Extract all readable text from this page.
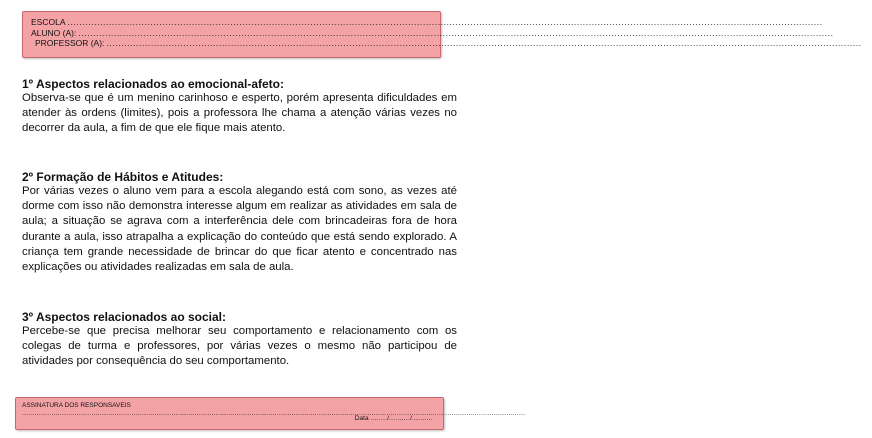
ESCOLA ...............................................................................................................................................................................................................................................................
ALUNO (A): ...............................................................................................................................................................................................................................................................
PROFESSOR (A): ...............................................................................................................................................................................................................................................................

1º Aspectos relacionados ao emocional-afeto:

Observa-se que é um menino carinhoso e esperto, porém apresenta dificuldades em atender às ordens (limites), pois a professora lhe chama a atenção várias vezes no decorrer da aula, a fim de que ele fique mais atento.

2º Formação de Hábitos e Atitudes:

Por várias vezes o aluno vem para a escola alegando está com sono, as vezes até dorme com isso não demonstra interesse algum em realizar as atividades em sala de aula; a situação se agrava com a interferência dele com brincadeiras fora de hora durante a aula, isso atrapalha a explicação do conteúdo que está sendo explorado. A criança tem grande necessidade de brincar do que ficar atento e concentrado nas explicações ou atividades realizadas em sala de aula.

3º Aspectos relacionados ao social:

Percebe-se que precisa melhorar seu comportamento e relacionamento com os colegas de turma e professores, por várias vezes o mesmo não participou de atividades por consequência do seu comportamento.

ASSINATURA DOS RESPONSAVEIS
...............................................................................................................................................................................................................................................
Data ......../........../..........
